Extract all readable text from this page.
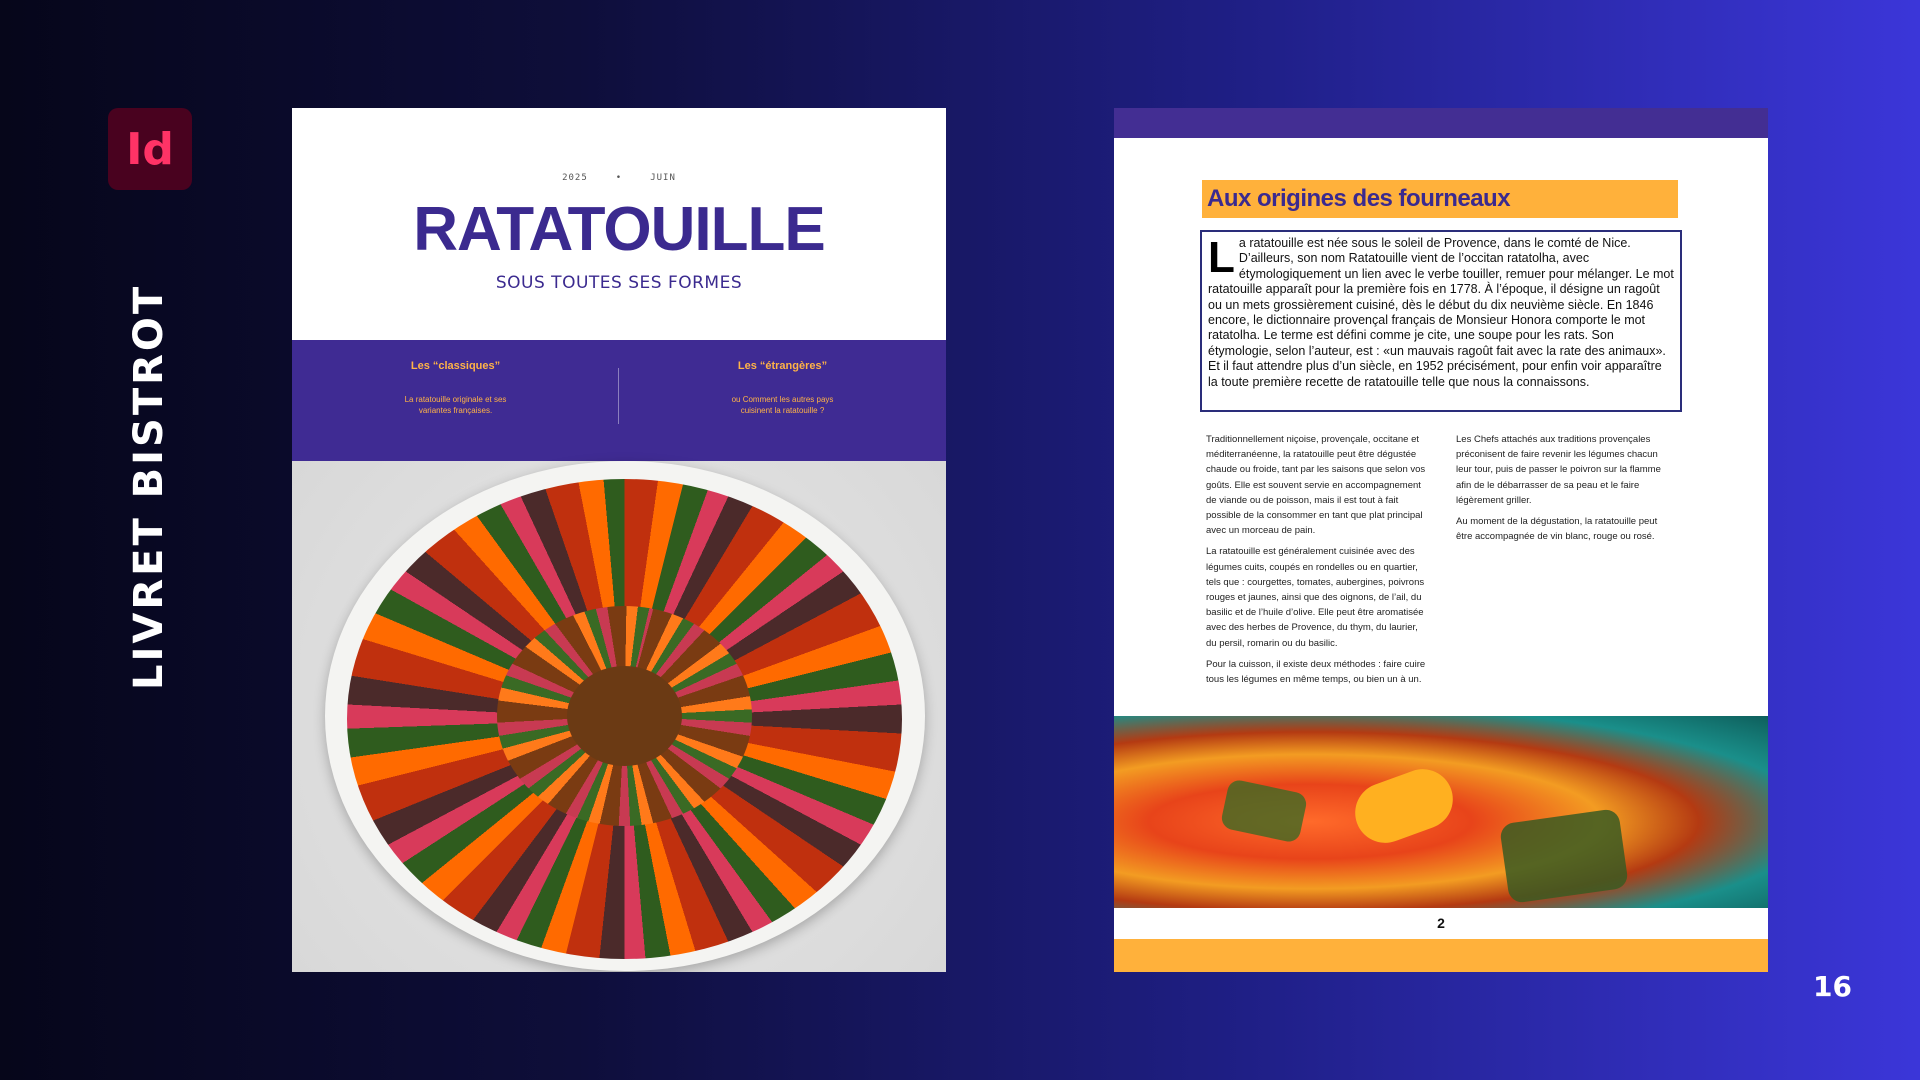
Id
LIVRET BISTROT
16
2025	•	JUIN
RATATOUILLE
SOUS TOUTES SES FORMES
Les “classiques”

La ratatouille originale et ses variantes françaises.

Les “étrangères”

ou Comment les autres pays cuisinent la ratatouille ?

Aux origines des fourneaux
La ratatouille est née sous le soleil de Provence, dans le comté de Nice. D’ailleurs, son nom Ratatouille vient de l’occitan ratatolha, avec étymologiquement un lien avec le verbe touiller, remuer pour mélanger. Le mot ratatouille apparaît pour la première fois en 1778. À l’époque, il désigne un ragoût ou un mets grossièrement cuisiné, dès le début du dix neuvième siècle. En 1846 encore, le dictionnaire provençal français de Monsieur Honora comporte le mot ratatolha. Le terme est défini comme je cite, une soupe pour les rats. Son étymologie, selon l’auteur, est : «un mauvais ragoût fait avec la rate des animaux». Et il faut attendre plus d’un siècle, en 1952 précisément, pour enfin voir apparaître la toute première recette de ratatouille telle que nous la connaissons.

Traditionnellement niçoise, provençale, occitane et méditerranéenne, la ratatouille peut être dégustée chaude ou froide, tant par les saisons que selon vos goûts. Elle est souvent servie en accompagnement de viande ou de poisson, mais il est tout à fait possible de la consommer en tant que plat principal avec un morceau de pain.

La ratatouille est généralement cuisinée avec des légumes cuits, coupés en rondelles ou en quartier, tels que : courgettes, tomates, aubergines, poivrons rouges et jaunes, ainsi que des oignons, de l’ail, du basilic et de l’huile d’olive. Elle peut être aromatisée avec des herbes de Provence, du thym, du laurier, du persil, romarin ou du basilic.

Pour la cuisson, il existe deux méthodes : faire cuire tous les légumes en même temps, ou bien un à un.

Les Chefs attachés aux traditions provençales préconisent de faire revenir les légumes chacun leur tour, puis de passer le poivron sur la flamme afin de le débarrasser de sa peau et le faire légèrement griller.

Au moment de la dégustation, la ratatouille peut être accompagnée de vin blanc, rouge ou rosé.

2
